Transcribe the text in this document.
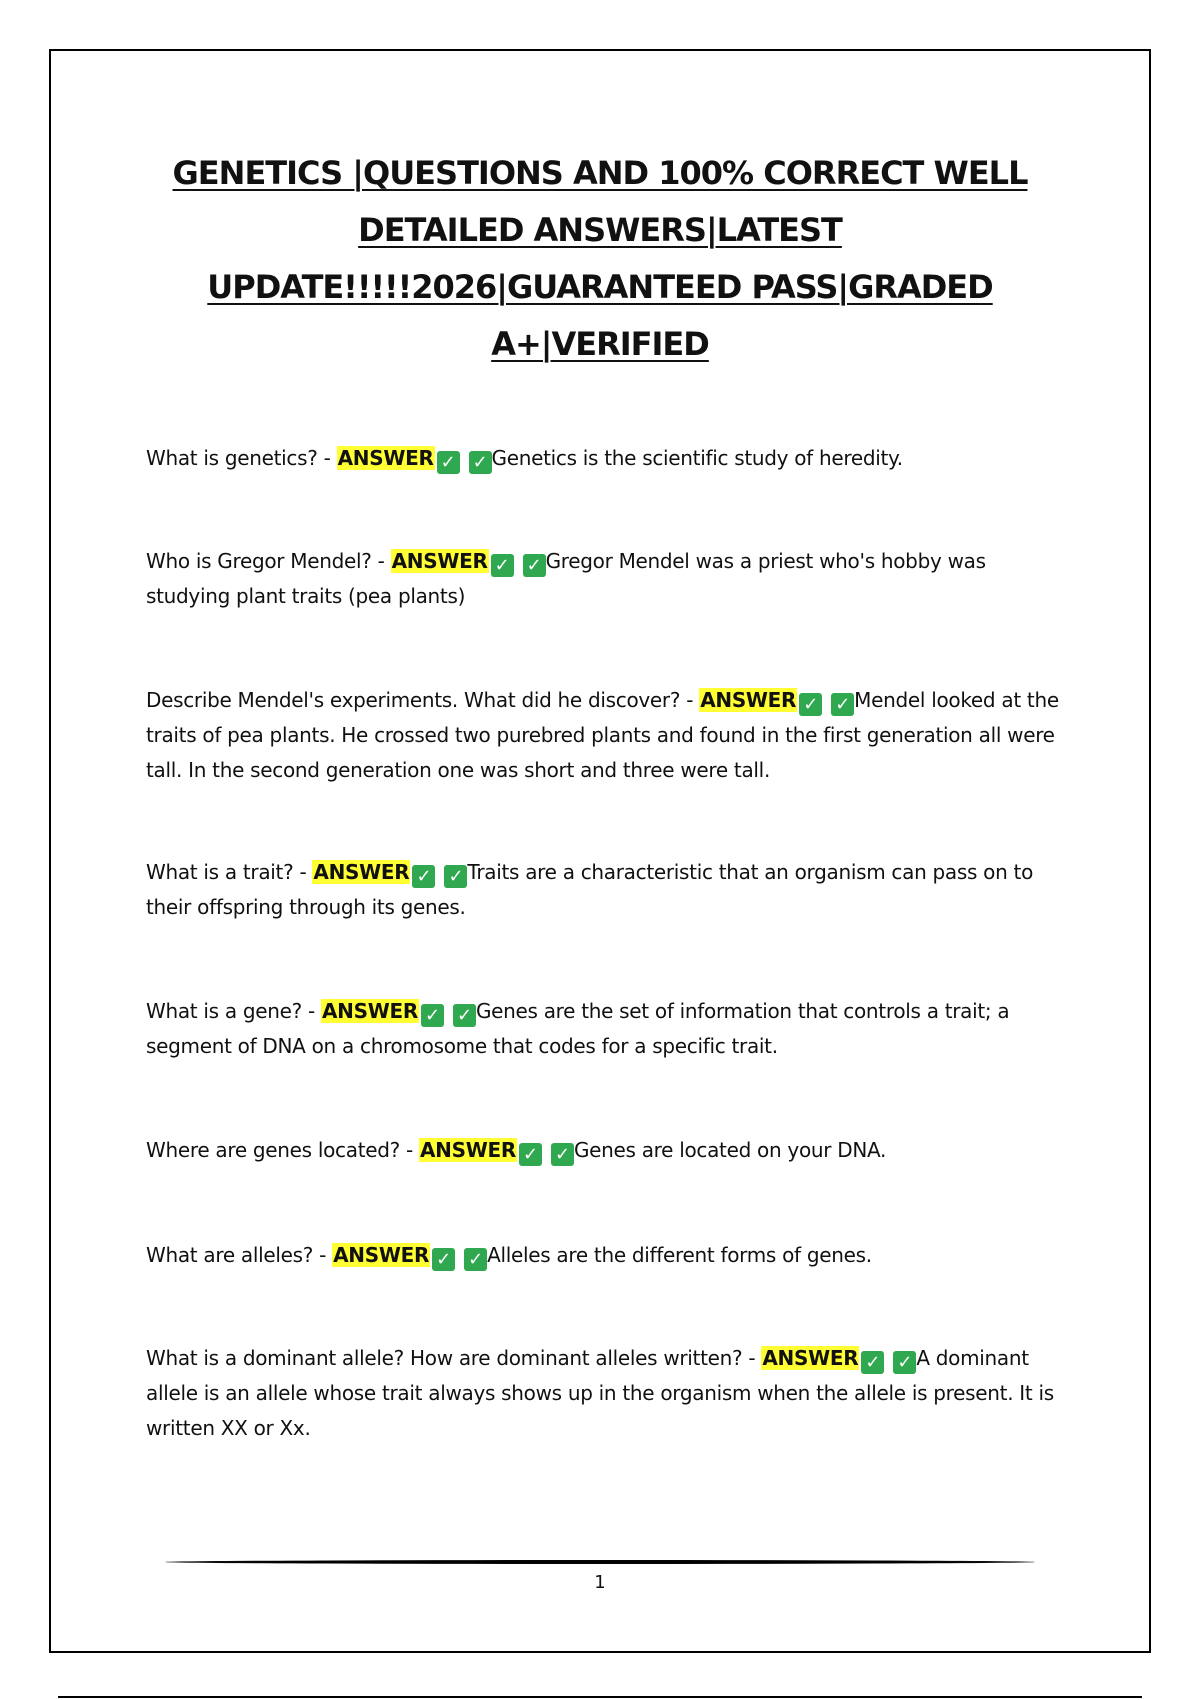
GENETICS |QUESTIONS AND 100% CORRECT WELL
DETAILED ANSWERS|LATEST
UPDATE!!!!!2026|GUARANTEED PASS|GRADED
A+|VERIFIED

What is genetics? - ANSWER ✓ ✓ Genetics is the scientific study of heredity.

Who is Gregor Mendel? - ANSWER ✓ ✓ Gregor Mendel was a priest who's hobby was studying plant traits (pea plants)

Describe Mendel's experiments. What did he discover? - ANSWER ✓ ✓ Mendel looked at the traits of pea plants. He crossed two purebred plants and found in the first generation all were tall. In the second generation one was short and three were tall.

What is a trait? - ANSWER ✓ ✓ Traits are a characteristic that an organism can pass on to their offspring through its genes.

What is a gene? - ANSWER ✓ ✓ Genes are the set of information that controls a trait; a segment of DNA on a chromosome that codes for a specific trait.

Where are genes located? - ANSWER ✓ ✓ Genes are located on your DNA.

What are alleles? - ANSWER ✓ ✓ Alleles are the different forms of genes.

What is a dominant allele? How are dominant alleles written? - ANSWER ✓ ✓ A dominant allele is an allele whose trait always shows up in the organism when the allele is present. It is written XX or Xx.

1
